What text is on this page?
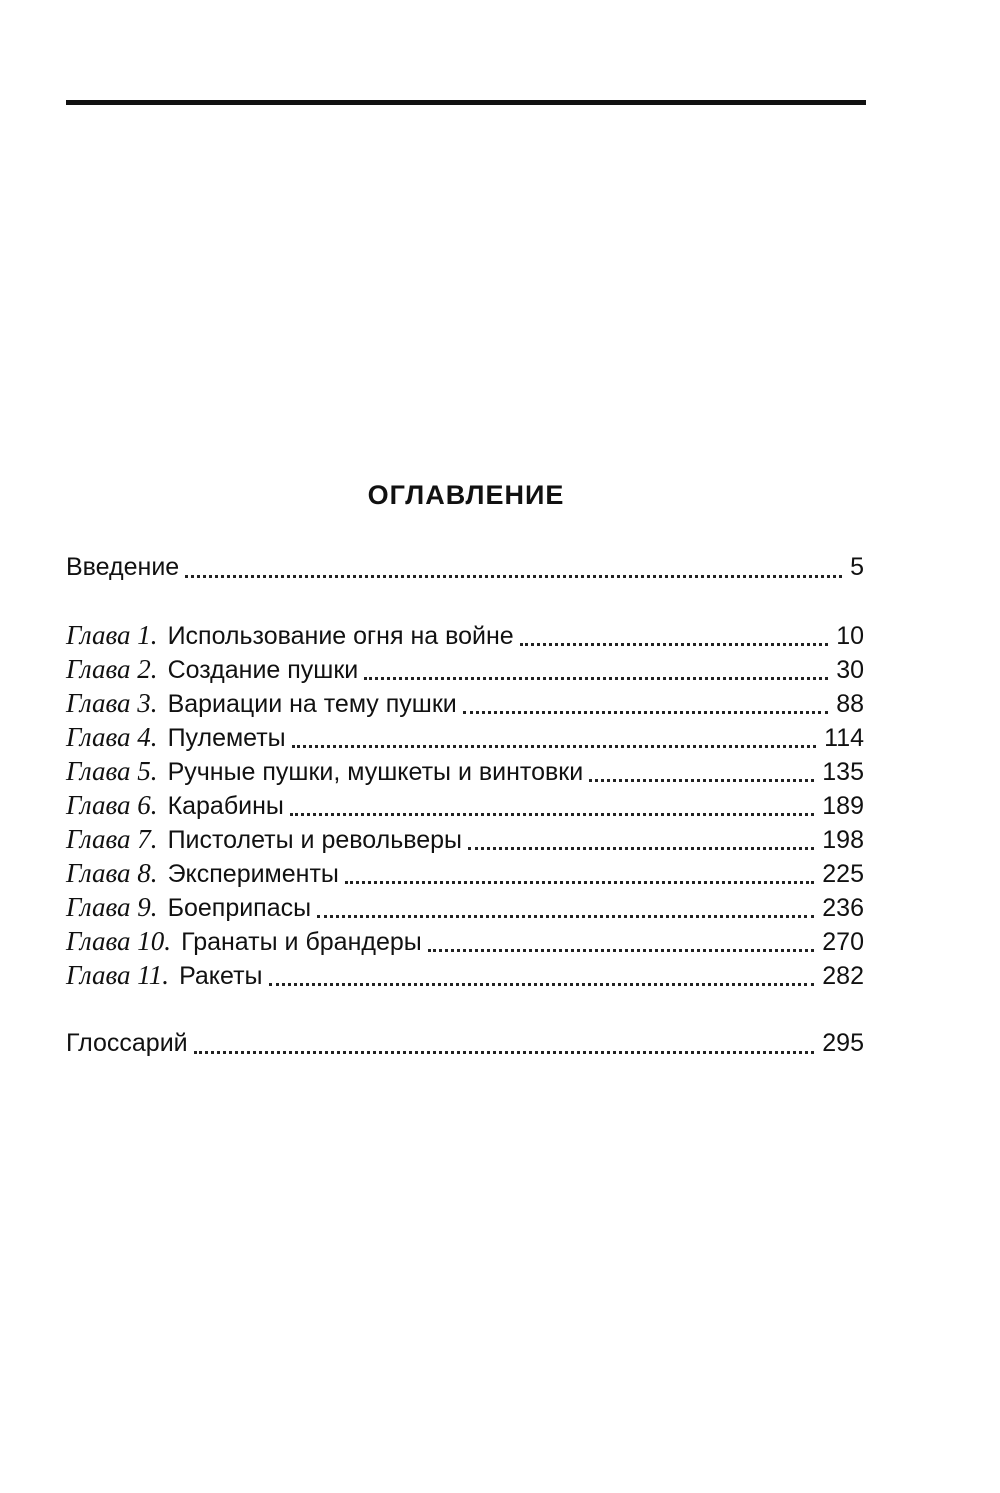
ОГЛАВЛЕНИЕ
Введение	5
Глава 1. Использование огня на войне	10
Глава 2. Создание пушки	30
Глава 3. Вариации на тему пушки	88
Глава 4. Пулеметы	114
Глава 5. Ручные пушки, мушкеты и винтовки	135
Глава 6. Карабины	189
Глава 7. Пистолеты и револьверы	198
Глава 8. Эксперименты	225
Глава 9. Боеприпасы	236
Глава 10. Гранаты и брандеры	270
Глава 11. Ракеты	282
Глоссарий	295
